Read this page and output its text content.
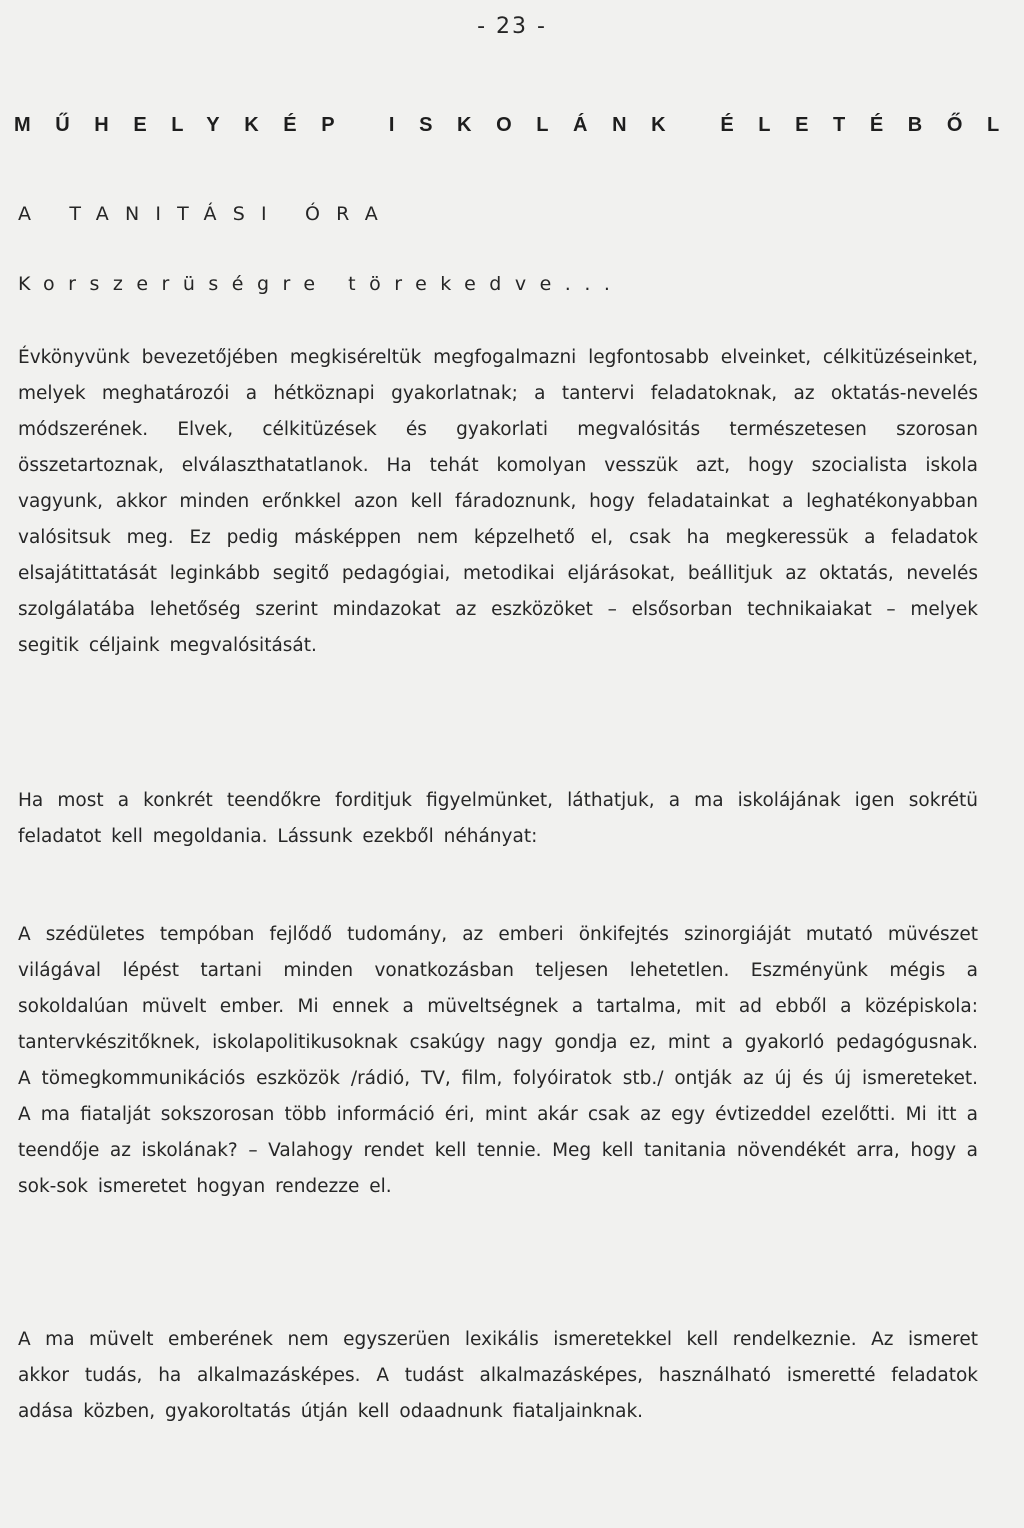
- 23 -
MŰHELYKÉP ISKOLÁNK ÉLETÉBŐL
A TANITÁSI ÓRA
Korszerüségre törekedve...

Évkönyvünk bevezetőjében megkiséreltük megfogalmazni legfontosabb elveinket, célkitüzéseinket, melyek meghatározói a hétköznapi gyakorlatnak; a tantervi feladatoknak, az oktatás-nevelés módszerének. Elvek, célkitüzések és gyakorlati megvalósitás természetesen szorosan összetartoznak, elválaszthatatlanok. Ha tehát komolyan vesszük azt, hogy szocialista iskola vagyunk, akkor minden erőnkkel azon kell fáradoznunk, hogy feladatainkat a leghatékonyabban valósitsuk meg. Ez pedig másképpen nem képzelhető el, csak ha megkeressük a feladatok elsajátittatását leginkább segitő pedagógiai, metodikai eljárásokat, beállitjuk az oktatás, nevelés szolgálatába lehetőség szerint mindazokat az eszközöket – elsősorban technikaiakat – melyek segitik céljaink megvalósitását.

Ha most a konkrét teendőkre forditjuk figyelmünket, láthatjuk, a ma iskolájának igen sokrétü feladatot kell megoldania. Lássunk ezekből néhányat:

A szédületes tempóban fejlődő tudomány, az emberi önkifejtés szinorgiáját mutató müvészet világával lépést tartani minden vonatkozásban teljesen lehetetlen. Eszményünk mégis a sokoldalúan müvelt ember. Mi ennek a müveltségnek a tartalma, mit ad ebből a középiskola: tantervkészitőknek, iskolapolitikusoknak csakúgy nagy gondja ez, mint a gyakorló pedagógusnak. A tömegkommunikációs eszközök /rádió, TV, film, folyóiratok stb./ ontják az új és új ismereteket. A ma fiatalját sokszorosan több információ éri, mint akár csak az egy évtizeddel ezelőtti. Mi itt a teendője az iskolának? – Valahogy rendet kell tennie. Meg kell tanitania növendékét arra, hogy a sok-sok ismeretet hogyan rendezze el.

A ma müvelt emberének nem egyszerüen lexikális ismeretekkel kell rendelkeznie. Az ismeret akkor tudás, ha alkalmazásképes. A tudást alkalmazásképes, használható ismeretté feladatok adása közben, gyakoroltatás útján kell odaadnunk fiataljainknak.
